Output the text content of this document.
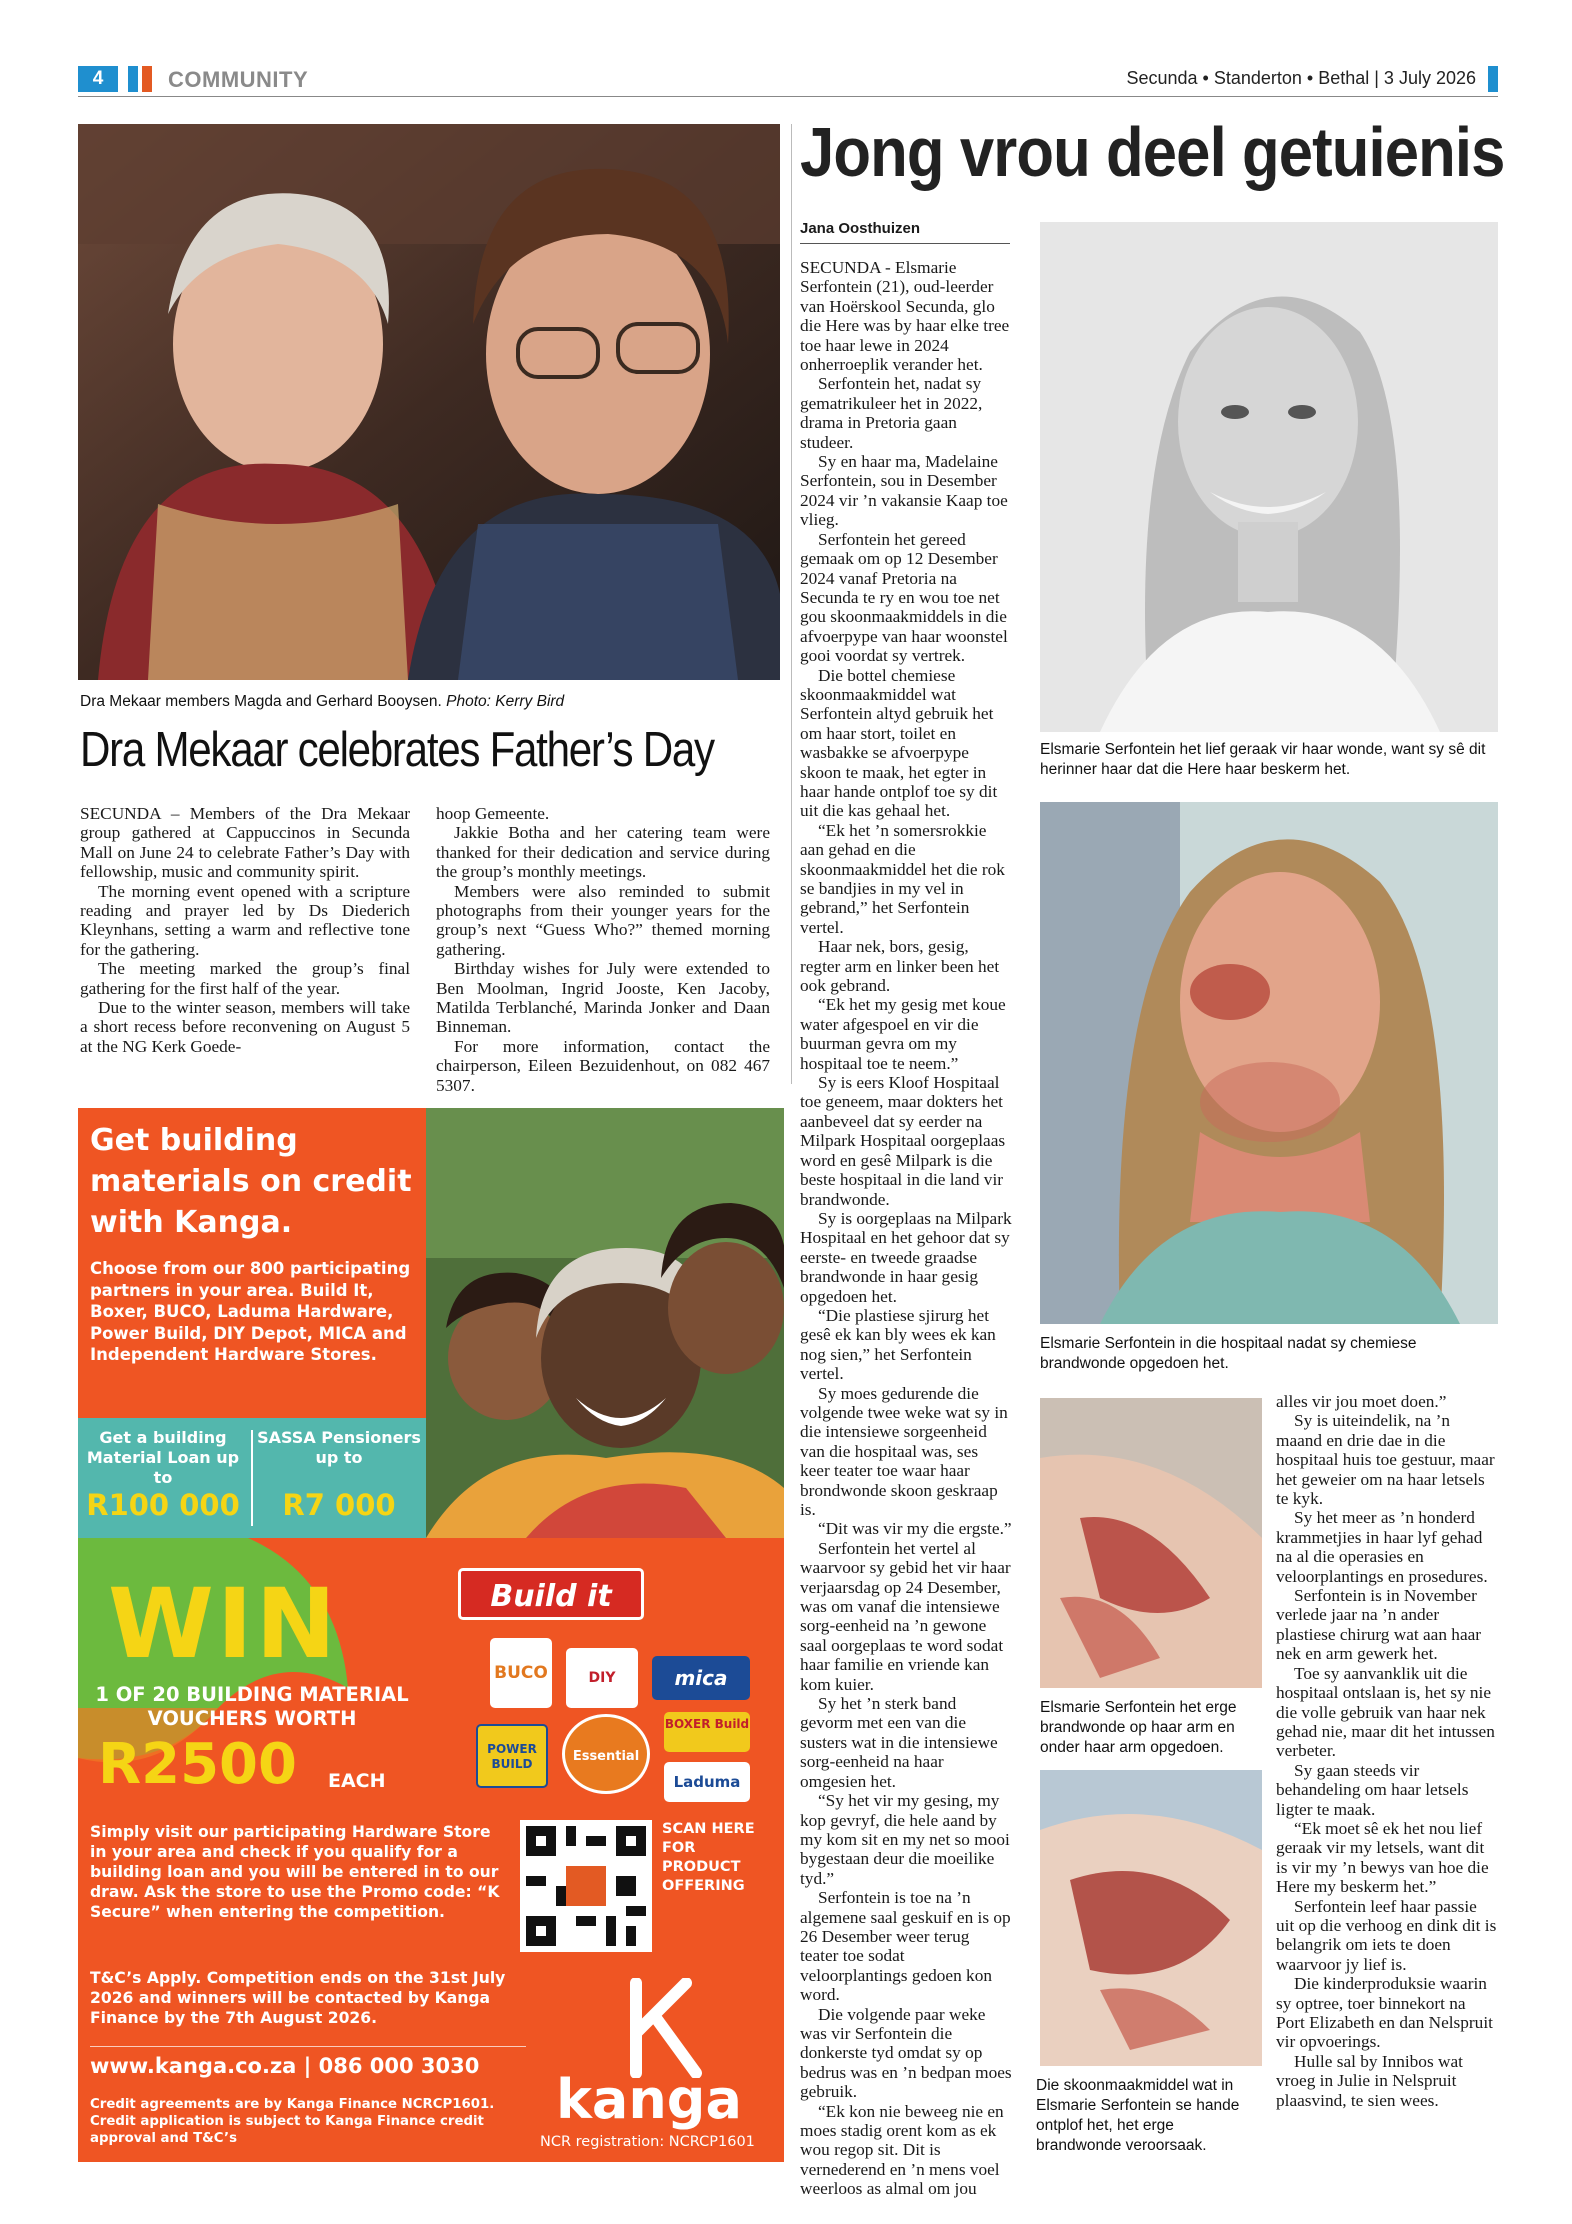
4	COMMUNITY	Secunda • Standerton • Bethal | 3 July 2026
Dra Mekaar members Magda and Gerhard Booysen. Photo: Kerry Bird
Dra Mekaar celebrates Father’s Day

SECUNDA – Members of the Dra Mekaar group gathered at Cappuccinos in Secunda Mall on June 24 to celebrate Father’s Day with fellowship, music and community spirit.

The morning event opened with a scripture reading and prayer led by Ds Diederich Kleynhans, setting a warm and reflective tone for the gathering.

The meeting marked the group’s final gathering for the first half of the year.

Due to the winter season, members will take a short recess before reconvening on August 5 at the NG Kerk Goede-

hoop Gemeente.

Jakkie Botha and her catering team were thanked for their dedication and service during the group’s monthly meetings.

Members were also reminded to submit photographs from their younger years for the group’s next “Guess Who?” themed morning gathering.

Birthday wishes for July were extended to Ben Moolman, Ingrid Jooste, Ken Jacoby, Matilda Terblanché, Marinda Jonker and Daan Binneman.

For more information, contact the chairperson, Eileen Bezuidenhout, on 082 467 5307.

Get building materials on credit with Kanga.
Choose from our 800 participating partners in your area. Build It, Boxer, BUCO, Laduma Hardware, Power Build, DIY Depot, MICA and Independent Hardware Stores.
Get a building Material Loan up to
R100 000
SASSA Pensioners up to
R7 000
WIN
1 OF 20 BUILDING MATERIAL VOUCHERS WORTH
R2500 EACH
Build it
BUCO	DIY	mica
POWER BUILD	Essential
BOXER Build
Laduma
Simply visit our participating Hardware Store in your area and check if you qualify for a building loan and you will be entered in to our draw. Ask the store to use the Promo code: “K Secure” when entering the competition.
SCAN HERE FOR PRODUCT OFFERING
T&C’s Apply. Competition ends on the 31st July 2026 and winners will be contacted by Kanga Finance by the 7th August 2026.
www.kanga.co.za | 086 000 3030
Credit agreements are by Kanga Finance NCRCP1601. Credit application is subject to Kanga Finance credit approval and T&C’s
kanga
NCR registration: NCRCP1601
Jong vrou deel getuienis
Jana Oosthuizen

SECUNDA - Elsmarie Serfontein (21), oud-leerder van Hoërskool Secunda, glo die Here was by haar elke tree toe haar lewe in 2024 onherroeplik verander het.

Serfontein het, nadat sy gematrikuleer het in 2022, drama in Pretoria gaan studeer.

Sy en haar ma, Madelaine Serfontein, sou in Desember 2024 vir ’n vakansie Kaap toe vlieg.

Serfontein het gereed gemaak om op 12 Desember 2024 vanaf Pretoria na Secunda te ry en wou toe net gou skoonmaakmiddels in die afvoerpype van haar woonstel gooi voordat sy vertrek.

Die bottel chemiese skoonmaakmiddel wat Serfontein altyd gebruik het om haar stort, toilet en wasbakke se afvoerpype skoon te maak, het egter in haar hande ontplof toe sy dit uit die kas gehaal het.

“Ek het ’n somersrokkie aan gehad en die skoonmaakmiddel het die rok se bandjies in my vel in gebrand,” het Serfontein vertel.

Haar nek, bors, gesig, regter arm en linker been het ook gebrand.

“Ek het my gesig met koue water afgespoel en vir die buurman gevra om my hospitaal toe te neem.”

Sy is eers Kloof Hospitaal toe geneem, maar dokters het aanbeveel dat sy eerder na Milpark Hospitaal oorgeplaas word en gesê Milpark is die beste hospitaal in die land vir brandwonde.

Sy is oorgeplaas na Milpark Hospitaal en het gehoor dat sy eerste- en tweede graadse brandwonde in haar gesig opgedoen het.

“Die plastiese sjirurg het gesê ek kan bly wees ek kan nog sien,” het Serfontein vertel.

Sy moes gedurende die volgende twee weke wat sy in die intensiewe sorgeenheid van die hospitaal was, ses keer teater toe waar haar brondwonde skoon geskraap is.

“Dit was vir my die ergste.”

Serfontein het vertel al waarvoor sy gebid het vir haar verjaarsdag op 24 Desember, was om vanaf die intensiewe sorg-eenheid na ’n gewone saal oorgeplaas te word sodat haar familie en vriende kan kom kuier.

Sy het ’n sterk band gevorm met een van die susters wat in die intensiewe sorg-eenheid na haar omgesien het.

“Sy het vir my gesing, my kop gevryf, die hele aand by my kom sit en my net so mooi bygestaan deur die moeilike tyd.”

Serfontein is toe na ’n algemene saal geskuif en is op 26 Desember weer terug teater toe sodat veloorplantings gedoen kon word.

Die volgende paar weke was vir Serfontein die donkerste tyd omdat sy op bedrus was en ’n bedpan moes gebruik.

“Ek kon nie beweeg nie en moes stadig orent kom as ek wou regop sit. Dit is vernederend en ’n mens voel weerloos as almal om jou

Elsmarie Serfontein het lief geraak vir haar wonde, want sy sê dit herinner haar dat die Here haar beskerm het.
Elsmarie Serfontein in die hospitaal nadat sy chemiese brandwonde opgedoen het.
Elsmarie Serfontein het erge brandwonde op haar arm en onder haar arm opgedoen.
Die skoonmaakmiddel wat in Elsmarie Serfontein se hande ontplof het, het erge brandwonde veroorsaak.

alles vir jou moet doen.”

Sy is uiteindelik, na ’n maand en drie dae in die hospitaal huis toe gestuur, maar het geweier om na haar letsels te kyk.

Sy het meer as ’n honderd krammetjies in haar lyf gehad na al die operasies en veloorplantings en prosedures.

Serfontein is in November verlede jaar na ’n ander plastiese chirurg wat aan haar nek en arm gewerk het.

Toe sy aanvanklik uit die hospitaal ontslaan is, het sy nie die volle gebruik van haar nek gehad nie, maar dit het intussen verbeter.

Sy gaan steeds vir behandeling om haar letsels ligter te maak.

“Ek moet sê ek het nou lief geraak vir my letsels, want dit is vir my ’n bewys van hoe die Here my beskerm het.”

Serfontein leef haar passie uit op die verhoog en dink dit is belangrik om iets te doen waarvoor jy lief is.

Die kinderproduksie waarin sy optree, toer binnekort na Port Elizabeth en dan Nelspruit vir opvoerings.

Hulle sal by Innibos wat vroeg in Julie in Nelspruit plaasvind, te sien wees.
